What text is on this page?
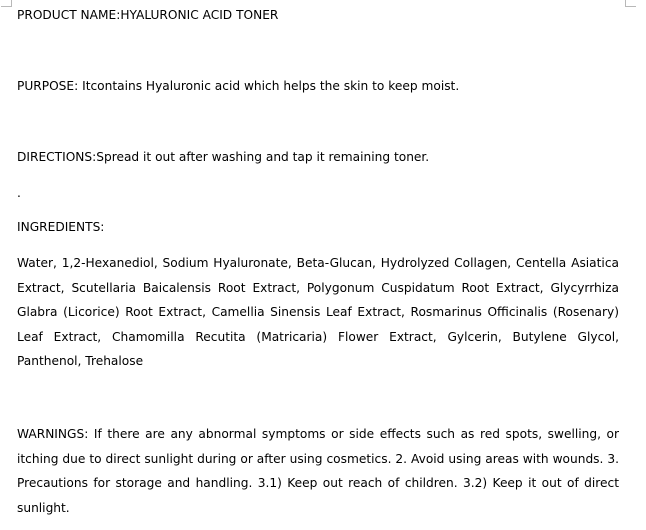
PRODUCT NAME:HYALURONIC ACID TONER

PURPOSE: Itcontains Hyaluronic acid which helps the skin to keep moist.

DIRECTIONS:Spread it out after washing and tap it remaining toner.

.

INGREDIENTS:

Water, 1,2-Hexanediol, Sodium Hyaluronate, Beta-Glucan, Hydrolyzed Collagen, Centella Asiatica Extract, Scutellaria Baicalensis Root Extract, Polygonum Cuspidatum Root Extract, Glycyrrhiza Glabra (Licorice) Root Extract, Camellia Sinensis Leaf Extract, Rosmarinus Officinalis (Rosenary) Leaf Extract, Chamomilla Recutita (Matricaria) Flower Extract, Gylcerin, Butylene Glycol, Panthenol, Trehalose

WARNINGS: If there are any abnormal symptoms or side effects such as red spots, swelling, or itching due to direct sunlight during or after using cosmetics. 2. Avoid using areas with wounds. 3. Precautions for storage and handling. 3.1) Keep out reach of children. 3.2) Keep it out of direct sunlight.
